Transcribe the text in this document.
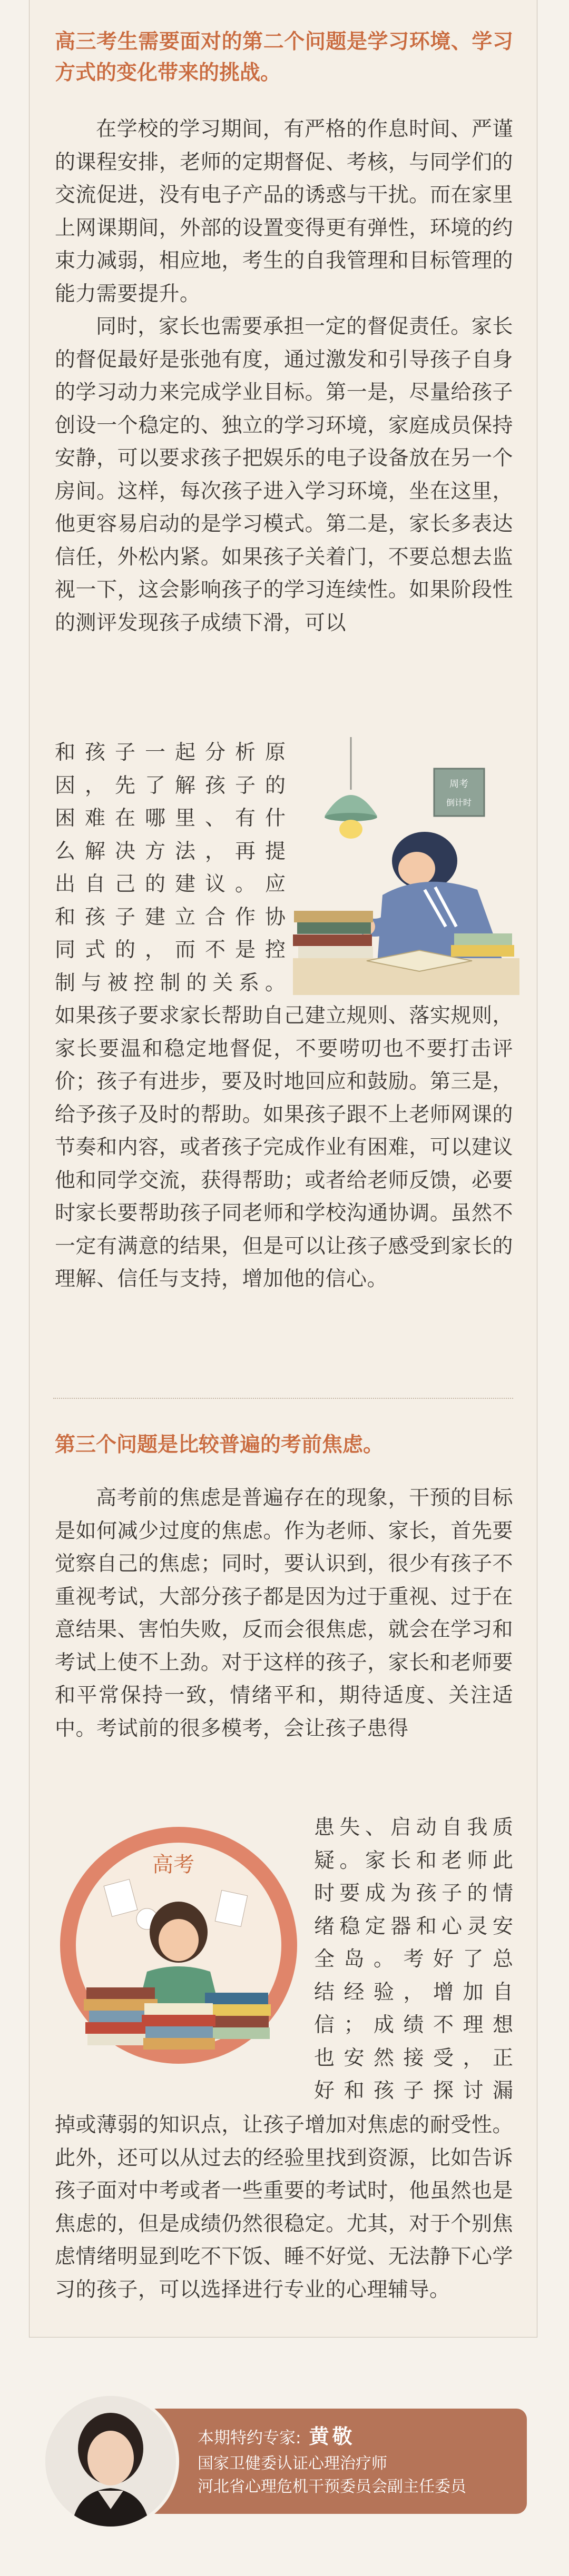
高三考生需要面对的第二个问题是学习环境、学习方式的变化带来的挑战。

在学校的学习期间，有严格的作息时间、严谨的课程安排，老师的定期督促、考核，与同学们的交流促进，没有电子产品的诱惑与干扰。而在家里上网课期间，外部的设置变得更有弹性，环境的约束力减弱，相应地，考生的自我管理和目标管理的能力需要提升。

同时，家长也需要承担一定的督促责任。家长的督促最好是张弛有度，通过激发和引导孩子自身的学习动力来完成学业目标。第一是，尽量给孩子创设一个稳定的、独立的学习环境，家庭成员保持安静，可以要求孩子把娱乐的电子设备放在另一个房间。这样，每次孩子进入学习环境，坐在这里，他更容易启动的是学习模式。第二是，家长多表达信任，外松内紧。如果孩子关着门，不要总想去监视一下，这会影响孩子的学习连续性。如果阶段性的测评发现孩子成绩下滑，可以

和孩子一起分析原
因，先了解孩子的
困难在哪里、有什
么解决方法，再提
出自己的建议。应
和孩子建立合作协
同式的，而不是控
制与被控制的关系。
周考
倒计时

如果孩子要求家长帮助自己建立规则、落实规则，家长要温和稳定地督促，不要唠叨也不要打击评价；孩子有进步，要及时地回应和鼓励。第三是，给予孩子及时的帮助。如果孩子跟不上老师网课的节奏和内容，或者孩子完成作业有困难，可以建议他和同学交流，获得帮助；或者给老师反馈，必要时家长要帮助孩子同老师和学校沟通协调。虽然不一定有满意的结果，但是可以让孩子感受到家长的理解、信任与支持，增加他的信心。

第三个问题是比较普遍的考前焦虑。

高考前的焦虑是普遍存在的现象，干预的目标是如何减少过度的焦虑。作为老师、家长，首先要觉察自己的焦虑；同时，要认识到，很少有孩子不重视考试，大部分孩子都是因为过于重视、过于在意结果、害怕失败，反而会很焦虑，就会在学习和考试上使不上劲。对于这样的孩子，家长和老师要和平常保持一致，情绪平和，期待适度、关注适中。考试前的很多模考，会让孩子患得

高考
患失、启动自我质
疑。家长和老师此
时要成为孩子的情
绪稳定器和心灵安
全岛。考好了总
结经验，增加自
信；成绩不理想
也安然接受，正
好和孩子探讨漏

掉或薄弱的知识点，让孩子增加对焦虑的耐受性。此外，还可以从过去的经验里找到资源，比如告诉孩子面对中考或者一些重要的考试时，他虽然也是焦虑的，但是成绩仍然很稳定。尤其，对于个别焦虑情绪明显到吃不下饭、睡不好觉、无法静下心学习的孩子，可以选择进行专业的心理辅导。

本期特约专家: 黄敬
国家卫健委认证心理治疗师
河北省心理危机干预委员会副主任委员
